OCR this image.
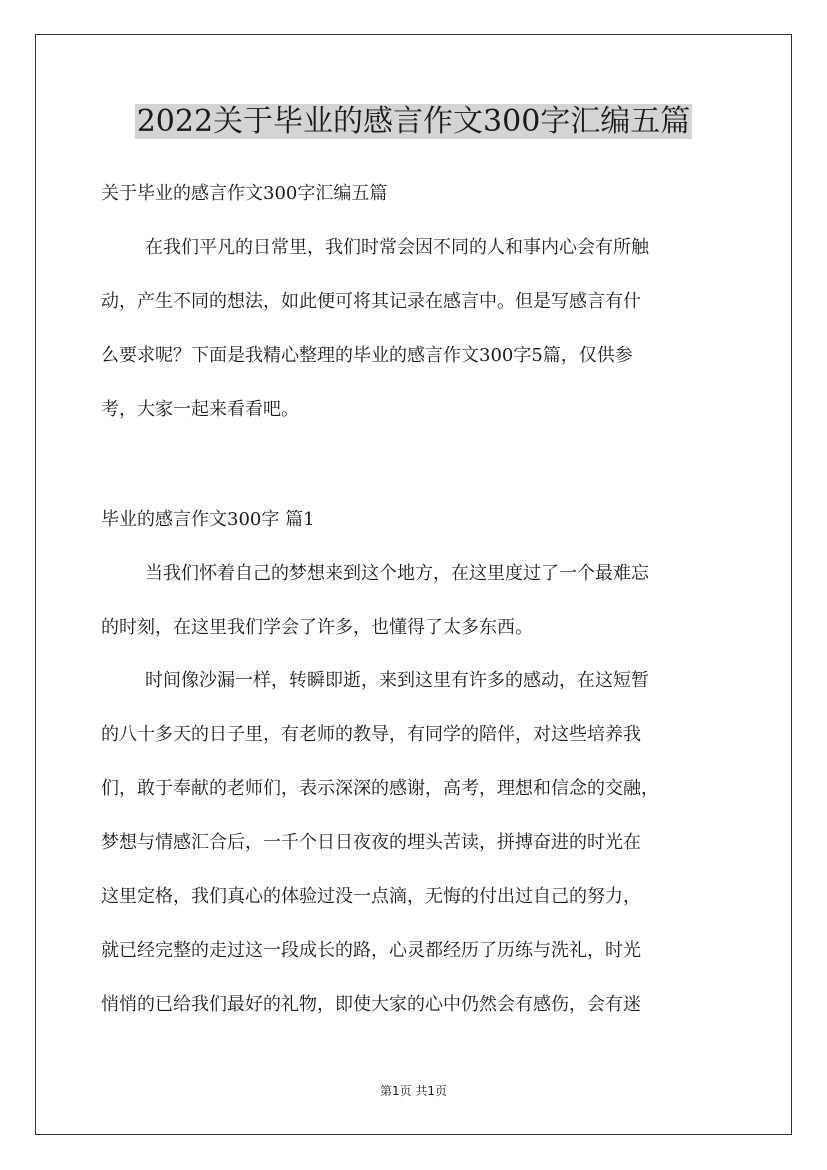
2022关于毕业的感言作文300字汇编五篇
关于毕业的感言作文300字汇编五篇
在我们平凡的日常里，我们时常会因不同的人和事内心会有所触
动，产生不同的想法，如此便可将其记录在感言中。但是写感言有什
么要求呢？下面是我精心整理的毕业的感言作文300字5篇，仅供参
考，大家一起来看看吧。
毕业的感言作文300字 篇1
当我们怀着自己的梦想来到这个地方，在这里度过了一个最难忘
的时刻，在这里我们学会了许多，也懂得了太多东西。
时间像沙漏一样，转瞬即逝，来到这里有许多的感动，在这短暂
的八十多天的日子里，有老师的教导，有同学的陪伴，对这些培养我
们，敢于奉献的老师们，表示深深的感谢，高考，理想和信念的交融，
梦想与情感汇合后，一千个日日夜夜的埋头苦读，拼搏奋进的时光在
这里定格，我们真心的体验过没一点滴，无悔的付出过自己的努力，
就已经完整的走过这一段成长的路，心灵都经历了历练与洗礼，时光
悄悄的已给我们最好的礼物，即使大家的心中仍然会有感伤，会有迷
第1页 共1页
